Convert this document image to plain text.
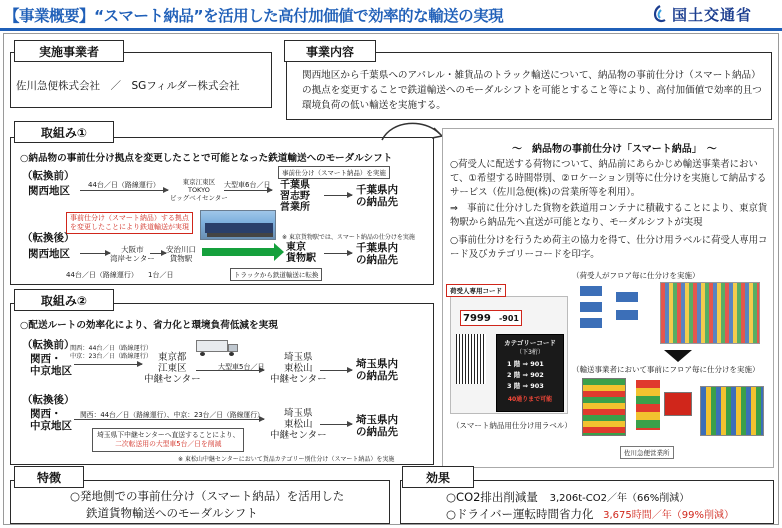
【事業概要】“スマート納品”を活用した高付加価値で効率的な輸送の実現	国土交通省
実施事業者
佐川急便株式会社　／　SGフィルダー株式会社
事業内容
関西地区から千葉県へのアパレル・雑貨品のトラック輸送について、納品物の事前仕分け（スマート納品）の拠点を変更することで鉄道輸送へのモーダルシフトを可能とすること等により、高付加価値で効率的且つ環境負荷の低い輸送を実施する。
取組み①
○納品物の事前仕分け拠点を変更したことで可能となった鉄道輸送へのモーダルシフト
（転換前）
関西地区	44台／日（路線運行）	東京江東区
TOKYO
ビッグベイセンター
大型車6台／日
事前仕分け（スマート納品）を実施
千葉県
習志野
営業所
千葉県内
の納品先
事前仕分け（スマート納品）する拠点
を変更したことにより鉄道輸送が実現
※ 東京貨物駅では、スマート納品の仕分けを実施
（転換後）
関西地区	大阪市
湾岸センター
安治川口
貨物駅
44台／日（路線運行） 1台／日
東京
貨物駅
千葉県内
の納品先
トラックから鉄道輸送に転換
取組み②
○配送ルートの効率化により、省力化と環境負荷低減を実現
（転換前）
関西・
中京地区
関西：44台／日（路線運行）
中京：23台／日（路線運行） 東京都
江東区
中継センター
大型車5台／日
埼玉県
東松山
中継センター
埼玉県内
の納品先
（転換後）
関西・
中京地区
関西：44台／日（路線運行）、中京：23台／日（路線運行）
埼玉県下中継センターへ直送することにより、
二次転送用の大型車5台／日を削減
埼玉県
東松山
中継センター
埼玉県内
の納品先
※ 東松山中継センターにおいて貨品カテゴリー別仕分け（スマート納品）を実施
～　納品物の事前仕分け「スマート納品」　～
○荷受人に配送する荷物について、納品前にあらかじめ輸送事業者において、①希望する時間帯別、②ロケーション別等に仕分けを実施して納品するサービス（佐川急便(株)の営業所等を利用）。
⇒　事前に仕分けした貨物を鉄道用コンテナに積載することにより、東京貨物駅から納品先へ直送が可能となり、モーダルシフトが実現
○事前仕分けを行うため荷主の協力を得て、仕分け用ラベルに荷受人専用コード及びカテゴリーコードを印字。
荷受人専用コード
7999 -901
カテゴリーコード
（下3桁）
1 階 ⇒ 901
2 階 ⇒ 902
3 階 ⇒ 903
40通りまで可能
（スマート納品用仕分け用ラベル）
（荷受人がフロア毎に仕分けを実施）
（輸送事業者において事前にフロア毎に仕分けを実施）
佐川急便営業所
特徴
○発地側での事前仕分け（スマート納品）を活用した
鉄道貨物輸送へのモーダルシフト
効果
○CO2排出削減量 3,206t-CO2／年（66%削減）
○ドライバー運転時間省力化 3,675時間／年（99%削減）
